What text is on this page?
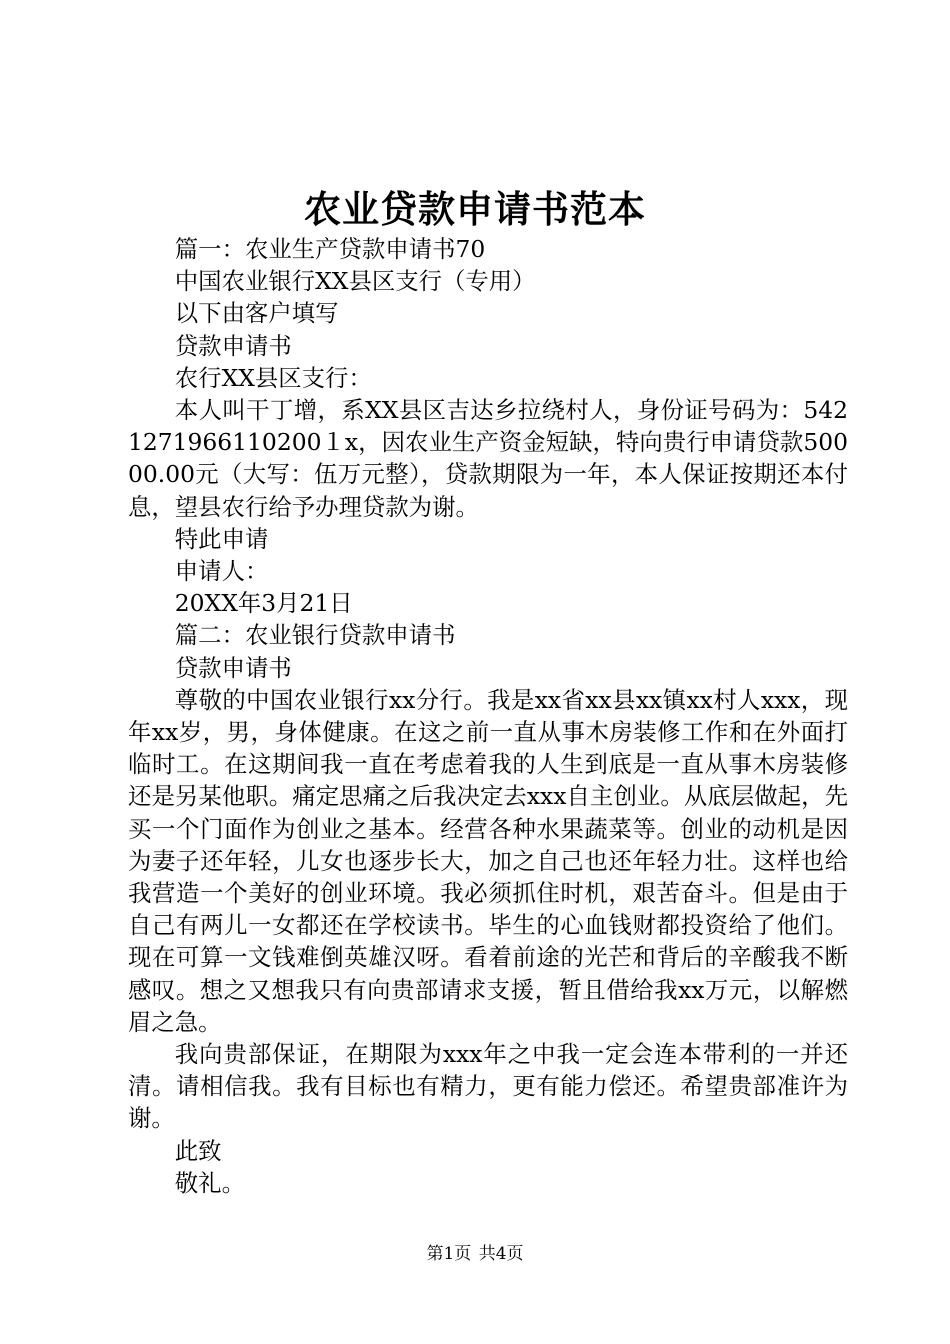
农业贷款申请书范本

篇一：农业生产贷款申请书70

中国农业银行XX县区支行（专用）

以下由客户填写

贷款申请书

农行XX县区支行：

本人叫干丁增，系XX县区吉达乡拉绕村人，身份证号码为：5421271966110200１x，因农业生产资金短缺，特向贵行申请贷款50000.00元（大写：伍万元整），贷款期限为一年，本人保证按期还本付息，望县农行给予办理贷款为谢。

特此申请

申请人：

20XX年3月21日

篇二：农业银行贷款申请书

贷款申请书

尊敬的中国农业银行xx分行。我是xx省xx县xx镇xx村人xxx，现年xx岁，男，身体健康。在这之前一直从事木房装修工作和在外面打临时工。在这期间我一直在考虑着我的人生到底是一直从事木房装修还是另某他职。痛定思痛之后我决定去xxx自主创业。从底层做起，先买一个门面作为创业之基本。经营各种水果蔬菜等。创业的动机是因为妻子还年轻，儿女也逐步长大，加之自己也还年轻力壮。这样也给我营造一个美好的创业环境。我必须抓住时机，艰苦奋斗。但是由于自己有两儿一女都还在学校读书。毕生的心血钱财都投资给了他们。现在可算一文钱难倒英雄汉呀。看着前途的光芒和背后的辛酸我不断感叹。想之又想我只有向贵部请求支援，暂且借给我xx万元，以解燃眉之急。

我向贵部保证，在期限为xxx年之中我一定会连本带利的一并还清。请相信我。我有目标也有精力，更有能力偿还。希望贵部准许为谢。

此致

敬礼。

第1页 共4页
